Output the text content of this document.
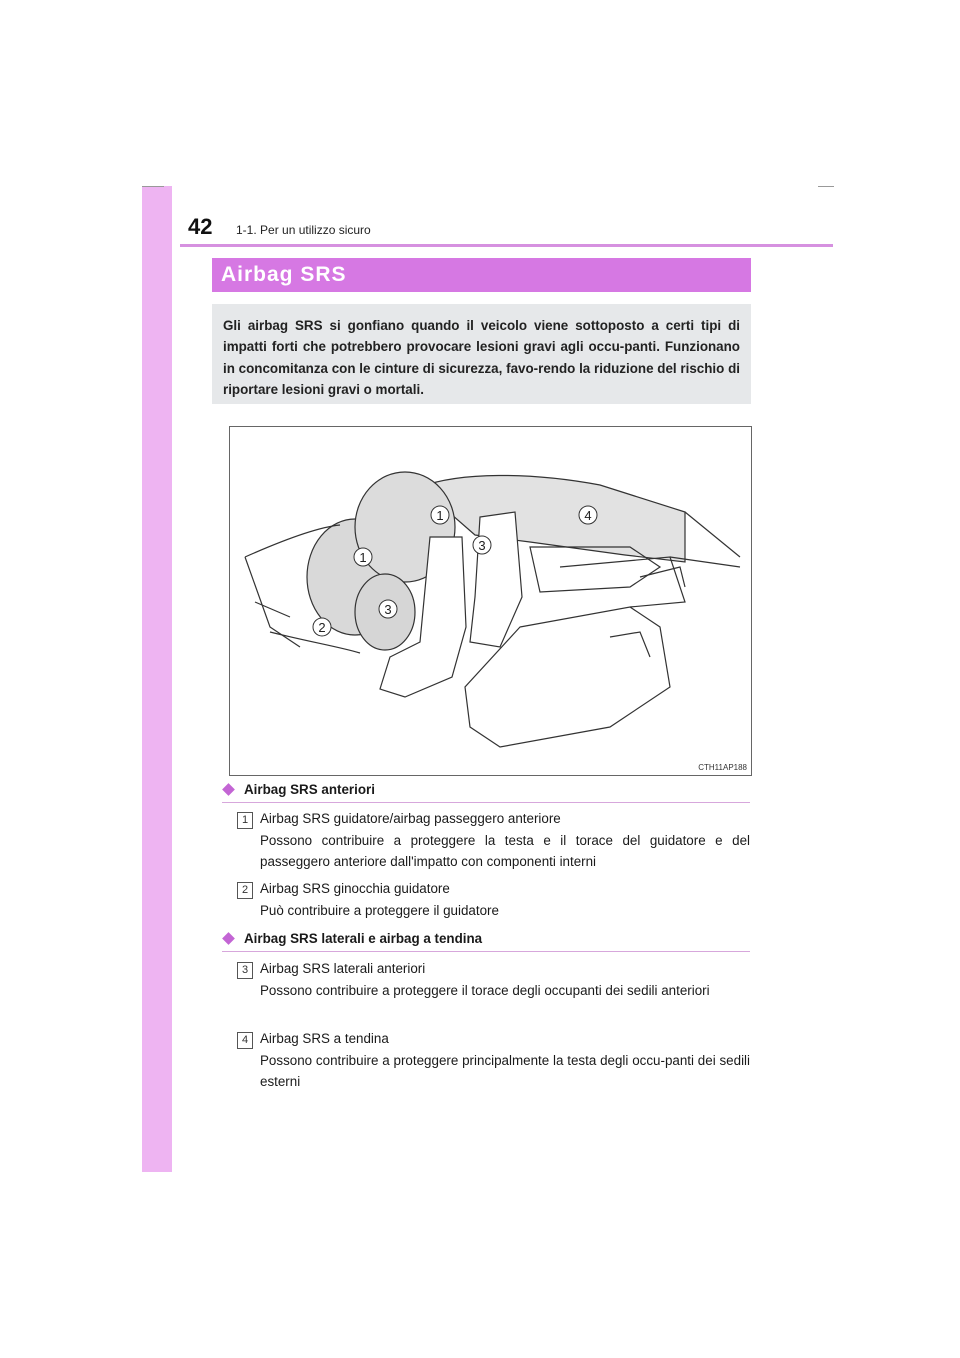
42 1-1. Per un utilizzo sicuro
Airbag SRS

Gli airbag SRS si gonfiano quando il veicolo viene sottoposto a certi tipi di impatti forti che potrebbero provocare lesioni gravi agli occu-panti. Funzionano in concomitanza con le cinture di sicurezza, favo-rendo la riduzione del rischio di riportare lesioni gravi o mortali.

1
1
3
4
3
2
CTH11AP188
Airbag SRS anteriori
1 Airbag SRS guidatore/airbag passeggero anteriore

Possono contribuire a proteggere la testa e il torace del guidatore e del passeggero anteriore dall'impatto con componenti interni

2 Airbag SRS ginocchia guidatore

Può contribuire a proteggere il guidatore

Airbag SRS laterali e airbag a tendina
3 Airbag SRS laterali anteriori

Possono contribuire a proteggere il torace degli occupanti dei sedili anteriori

4 Airbag SRS a tendina

Possono contribuire a proteggere principalmente la testa degli occu-panti dei sedili esterni
